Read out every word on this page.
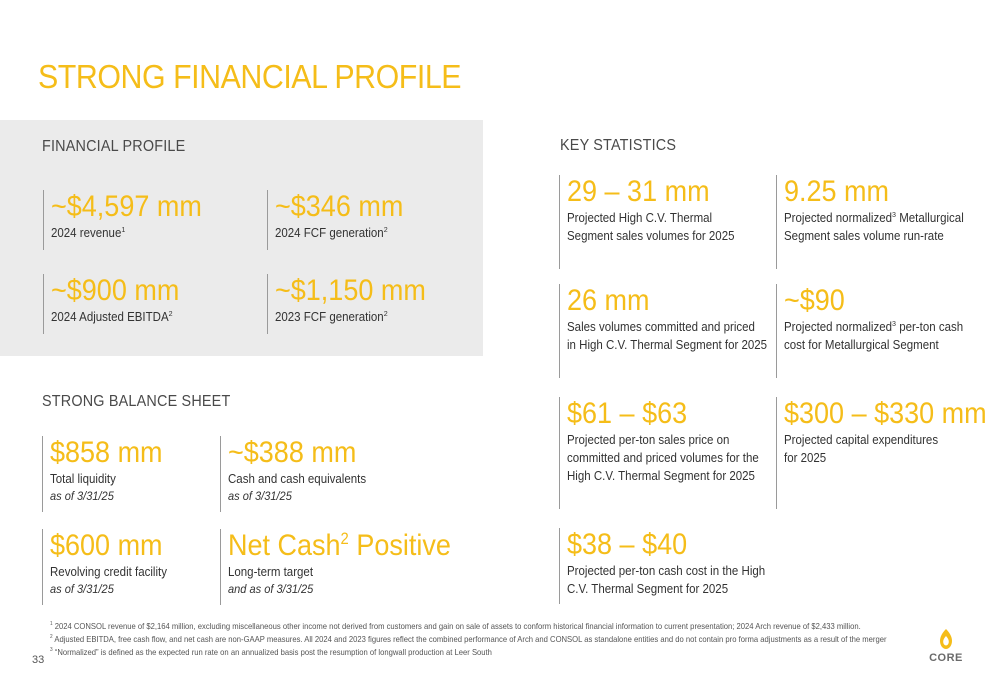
STRONG FINANCIAL PROFILE
FINANCIAL PROFILE
~$4,597 mm
2024 revenue$^1$
~$346 mm
2024 FCF generation$^2$
~$900 mm
2024 Adjusted EBITDA$^2$
~$1,150 mm
2023 FCF generation$^2$
STRONG BALANCE SHEET
$858 mm
Total liquidity
as of 3/31/25
~$388 mm
Cash and cash equivalents
as of 3/31/25
$600 mm
Revolving credit facility
as of 3/31/25
Net Cash$^2$ Positive
Long-term target
and as of 3/31/25
KEY STATISTICS
29 – 31 mm
Projected High C.V. Thermal
Segment sales volumes for 2025
9.25 mm
Projected normalized$^3$ Metallurgical
Segment sales volume run-rate
26 mm
Sales volumes committed and priced
in High C.V. Thermal Segment for 2025
~$90
Projected normalized$^3$ per-ton cash
cost for Metallurgical Segment
$61 – $63
Projected per-ton sales price on
committed and priced volumes for the
High C.V. Thermal Segment for 2025
$300 – $330 mm
Projected capital expenditures
for 2025
$38 – $40
Projected per-ton cash cost in the High
C.V. Thermal Segment for 2025
$^1$ 2024 CONSOL revenue of $2,164 million, excluding miscellaneous other income not derived from customers and gain on sale of assets to conform historical financial information to current presentation; 2024 Arch revenue of $2,433 million.
$^2$ Adjusted EBITDA, free cash flow, and net cash are non-GAAP measures. All 2024 and 2023 figures reflect the combined performance of Arch and CONSOL as standalone entities and do not contain pro forma adjustments as a result of the merger
$^3$ “Normalized” is defined as the expected run rate on an annualized basis post the resumption of longwall production at Leer South
33	CORE
